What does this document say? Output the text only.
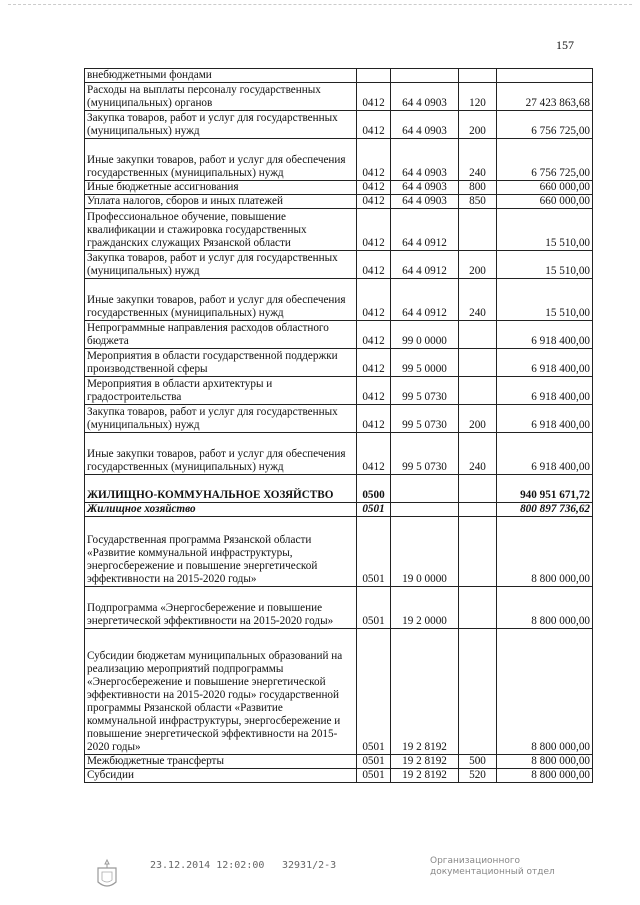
157
внебюджетными фондами				
Расходы на выплаты персоналу государственных (муниципальных) органов	0412	64 4 0903	120	27 423 863,68
Закупка товаров, работ и услуг для государственных (муниципальных) нужд	0412	64 4 0903	200	6 756 725,00
Иные закупки товаров, работ и услуг для обеспечения государственных (муниципальных) нужд	0412	64 4 0903	240	6 756 725,00
Иные бюджетные ассигнования	0412	64 4 0903	800	660 000,00
Уплата налогов, сборов и иных платежей	0412	64 4 0903	850	660 000,00
Профессиональное обучение, повышение квалификации и стажировка государственных гражданских служащих Рязанской области	0412	64 4 0912		15 510,00
Закупка товаров, работ и услуг для государственных (муниципальных) нужд	0412	64 4 0912	200	15 510,00
Иные закупки товаров, работ и услуг для обеспечения государственных (муниципальных) нужд	0412	64 4 0912	240	15 510,00
Непрограммные направления расходов областного бюджета	0412	99 0 0000		6 918 400,00
Мероприятия в области государственной поддержки производственной сферы	0412	99 5 0000		6 918 400,00
Мероприятия в области архитектуры и градостроительства	0412	99 5 0730		6 918 400,00
Закупка товаров, работ и услуг для государственных (муниципальных) нужд	0412	99 5 0730	200	6 918 400,00
Иные закупки товаров, работ и услуг для обеспечения государственных (муниципальных) нужд	0412	99 5 0730	240	6 918 400,00
ЖИЛИЩНО-КОММУНАЛЬНОЕ ХОЗЯЙСТВО	0500			940 951 671,72
Жилищное хозяйство	0501			800 897 736,62
Государственная программа Рязанской области «Развитие коммунальной инфраструктуры, энергосбережение и повышение энергетической эффективности на 2015-2020 годы»	0501	19 0 0000		8 800 000,00
Подпрограмма «Энергосбережение и повышение энергетической эффективности на 2015-2020 годы»	0501	19 2 0000		8 800 000,00
Субсидии бюджетам муниципальных образований на реализацию мероприятий подпрограммы «Энергосбережение и повышение энергетической эффективности на 2015-2020 годы» государственной программы Рязанской области «Развитие коммунальной инфраструктуры, энергосбережение и повышение энергетической эффективности на 2015-2020 годы»	0501	19 2 8192		8 800 000,00
Межбюджетные трансферты	0501	19 2 8192	500	8 800 000,00
Субсидии	0501	19 2 8192	520	8 800 000,00
23.12.2014 12:02:00 32931/2-3	Организационного
документационный отдел
